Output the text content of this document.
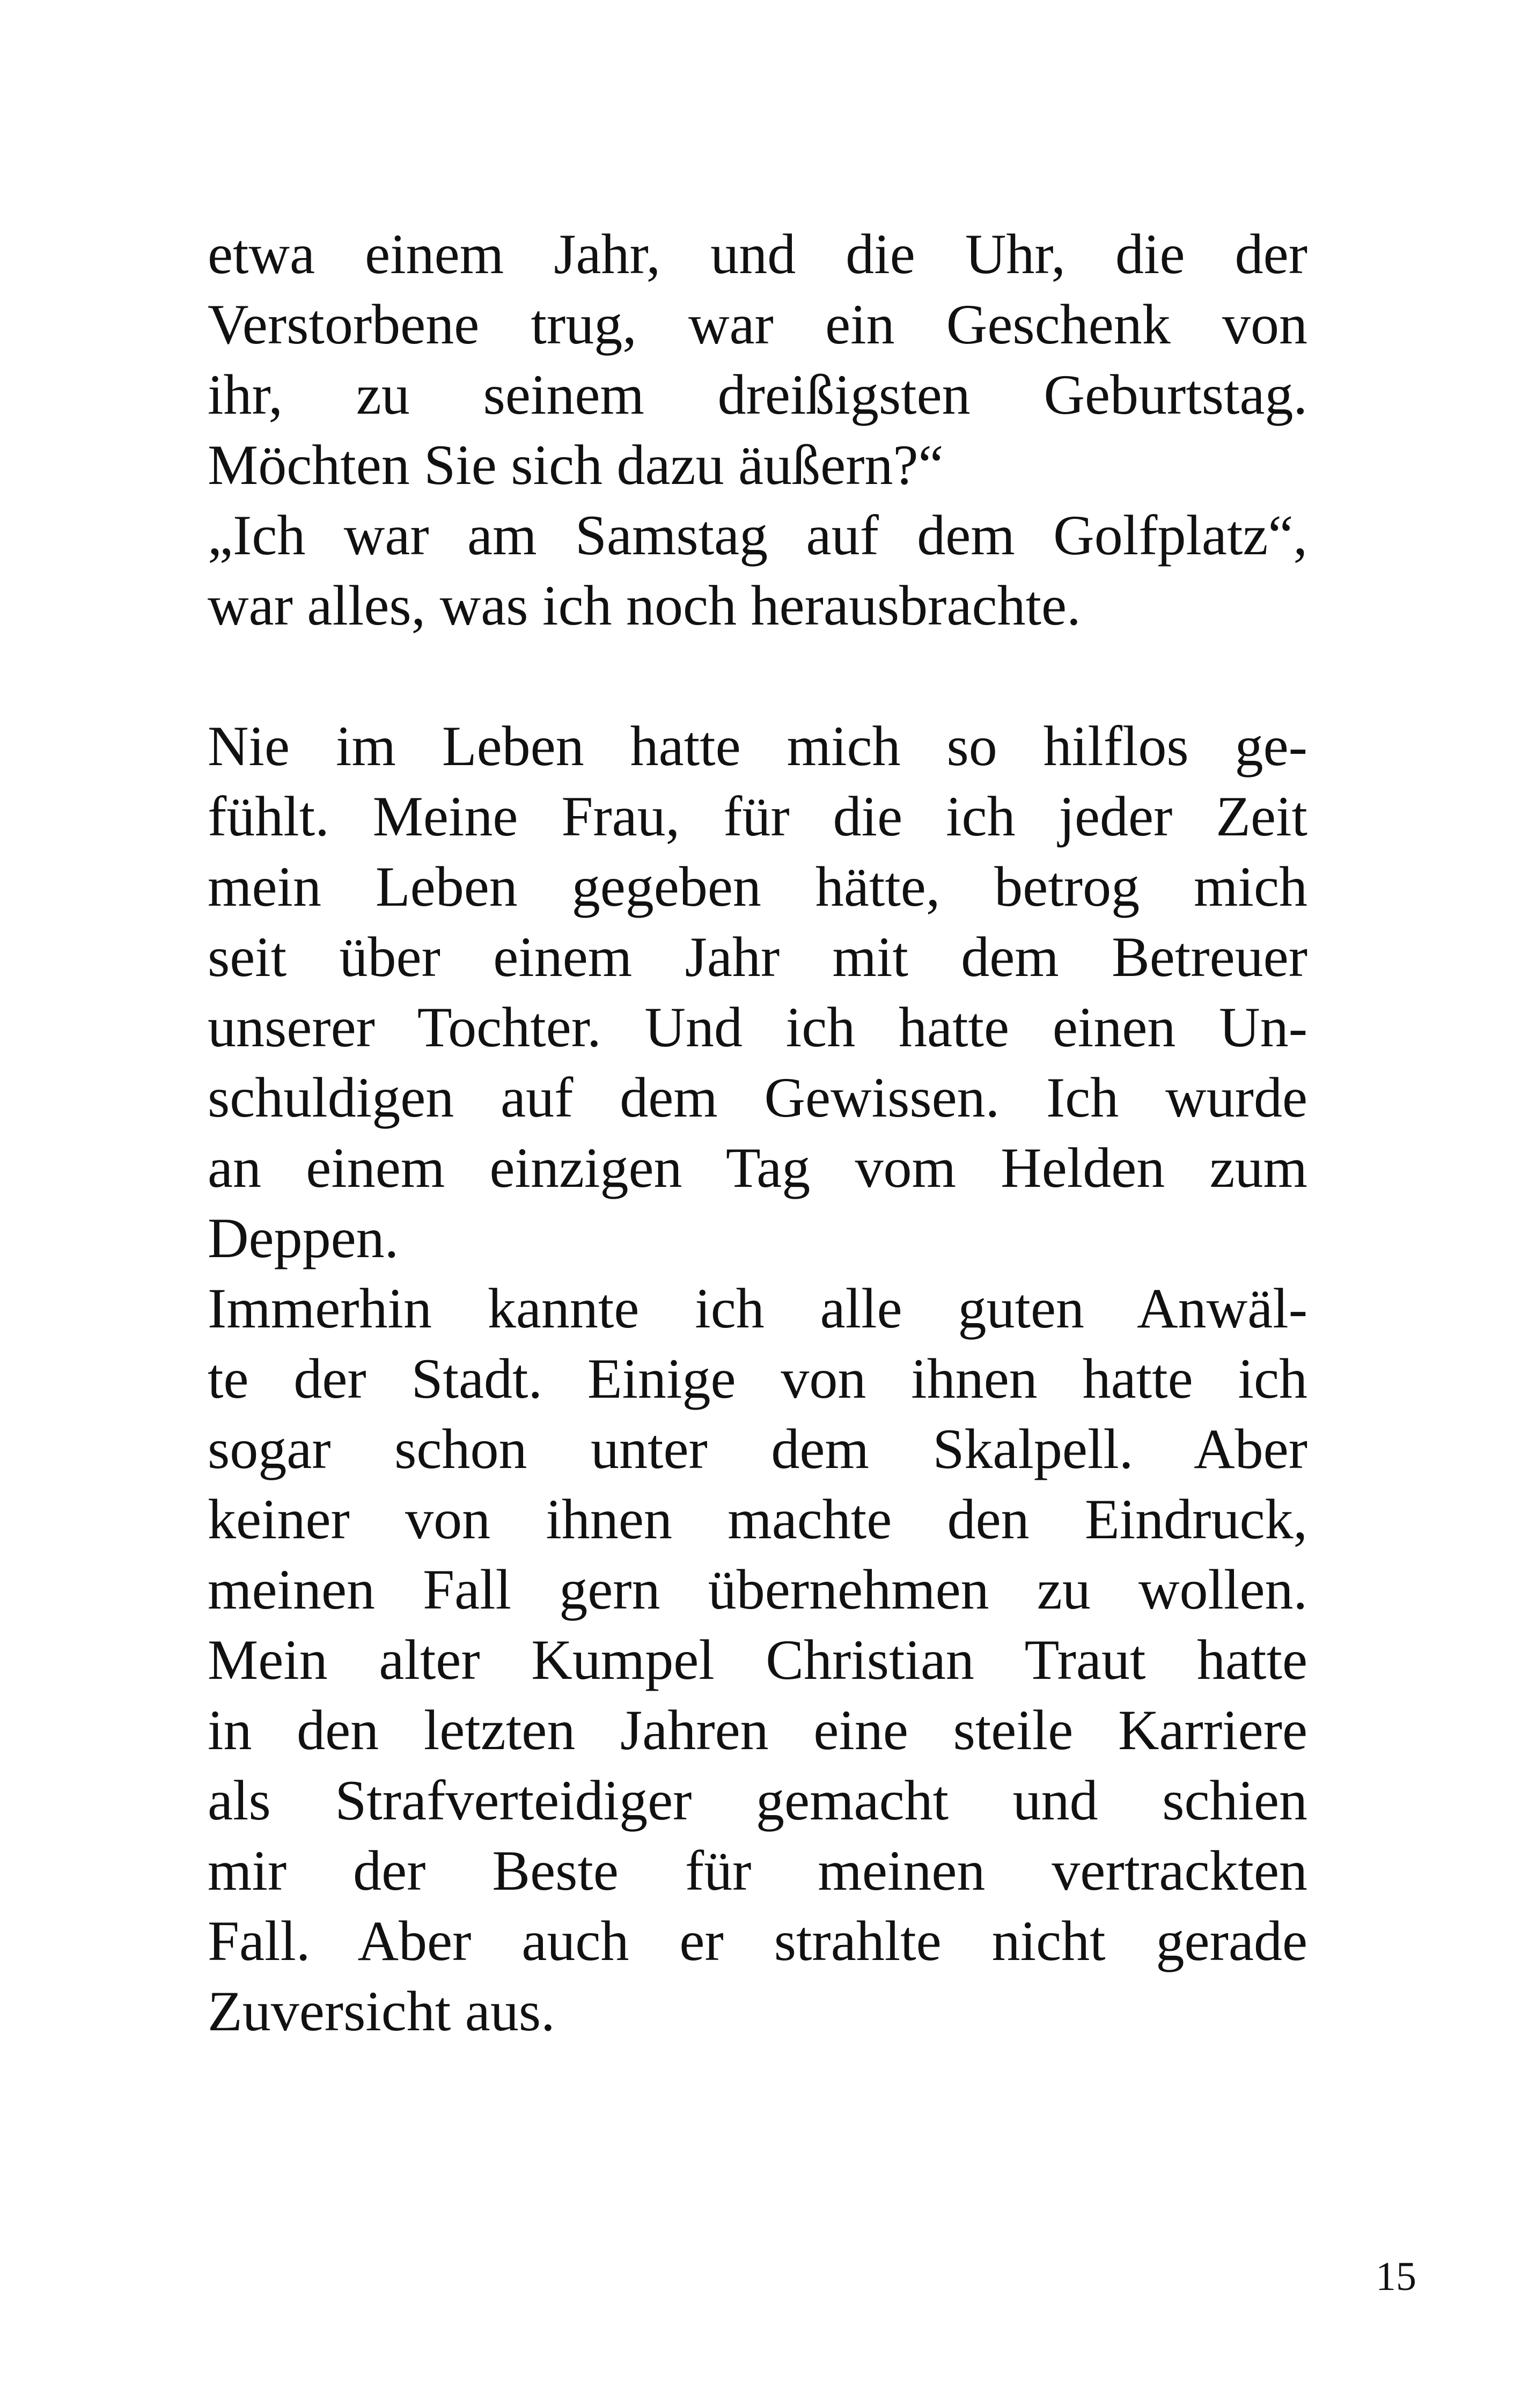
etwa einem Jahr, und die Uhr, die der
Verstorbene trug, war ein Geschenk von
ihr, zu seinem dreißigsten Geburtstag.
Möchten Sie sich dazu äußern?“
„Ich war am Samstag auf dem Golfplatz“,
war alles, was ich noch herausbrachte.
Nie im Leben hatte mich so hilflos ge-
fühlt. Meine Frau, für die ich jeder Zeit
mein Leben gegeben hätte, betrog mich
seit über einem Jahr mit dem Betreuer
unserer Tochter. Und ich hatte einen Un-
schuldigen auf dem Gewissen. Ich wurde
an einem einzigen Tag vom Helden zum
Deppen.
Immerhin kannte ich alle guten Anwäl-
te der Stadt. Einige von ihnen hatte ich
sogar schon unter dem Skalpell. Aber
keiner von ihnen machte den Eindruck,
meinen Fall gern übernehmen zu wollen.
Mein alter Kumpel Christian Traut hatte
in den letzten Jahren eine steile Karriere
als Strafverteidiger gemacht und schien
mir der Beste für meinen vertrackten
Fall. Aber auch er strahlte nicht gerade
Zuversicht aus.
15
